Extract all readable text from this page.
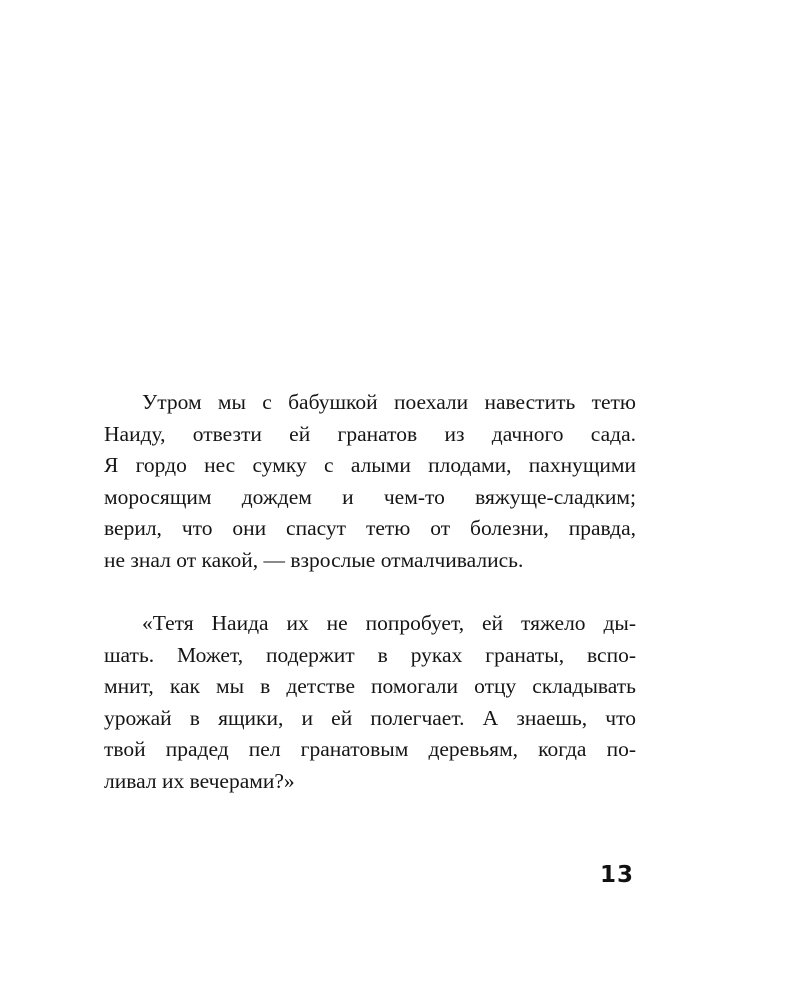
Утром мы с бабушкой поехали навестить тетю
Наиду, отвезти ей гранатов из дачного сада.
Я гордо нес сумку с алыми плодами, пахнущими
моросящим дождем и чем-то вяжуще-сладким;
верил, что они спасут тетю от болезни, правда,
не знал от какой, — взрослые отмалчивались.
«Тетя Наида их не попробует, ей тяжело ды-
шать. Может, подержит в руках гранаты, вспо-
мнит, как мы в детстве помогали отцу складывать
урожай в ящики, и ей полегчает. А знаешь, что
твой прадед пел гранатовым деревьям, когда по-
ливал их вечерами?»
13
